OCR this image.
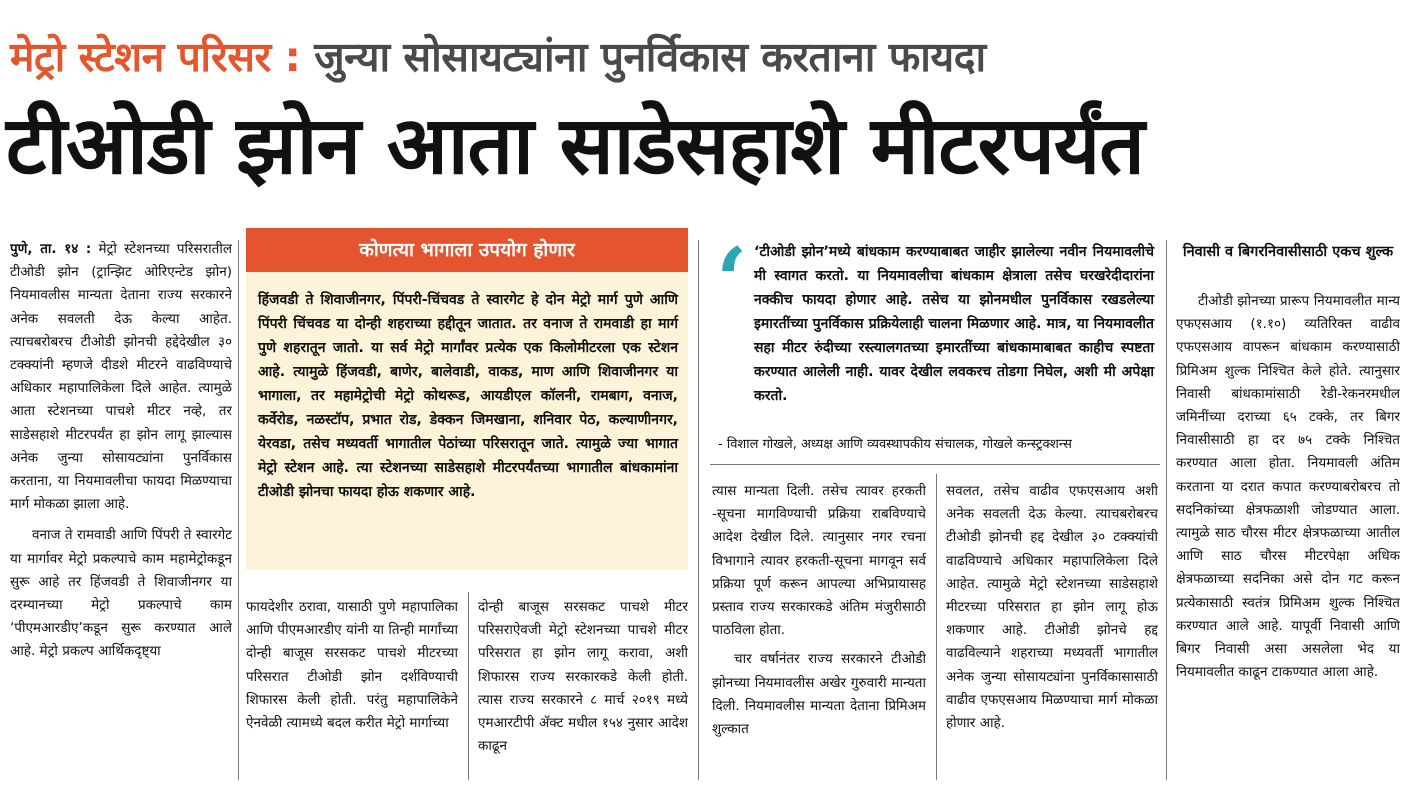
मेट्रो स्टेशन परिसर : जुन्या सोसायट्यांना पुनर्विकास करताना फायदा
टीओडी झोन आता साडेसहाशे मीटरपर्यंत

पुणे, ता. १४ : मेट्रो स्टेशनच्या परिसरातील टीओडी झोन (ट्रान्झिट ओरिएन्टेड झोन) नियमावलीस मान्यता देताना राज्य सरकारने अनेक सवलती देऊ केल्या आहेत. त्याचबरोबरच टीओडी झोनची हद्देदेखील ३० टक्क्यांनी म्हणजे दीडशे मीटरने वाढविण्याचे अधिकार महापालिकेला दिले आहेत. त्यामुळे आता स्टेशनच्या पाचशे मीटर नव्हे, तर साडेसहाशे मीटरपर्यंत हा झोन लागू झाल्यास अनेक जुन्या सोसायट्यांना पुनर्विकास करताना, या नियमावलीचा फायदा मिळण्याचा मार्ग मोकळा झाला आहे.

वनाज ते रामवाडी आणि पिंपरी ते स्वारगेट या मार्गावर मेट्रो प्रकल्पाचे काम महामेट्रोकडून सुरू आहे तर हिंजवडी ते शिवाजीनगर या दरम्यानच्या मेट्रो प्रकल्पाचे काम ‘पीएमआरडीए’कडून सुरू करण्यात आले आहे. मेट्रो प्रकल्प आर्थिकदृष्ट्या

कोणत्या भागाला उपयोग होणार
हिंजवडी ते शिवाजीनगर, पिंपरी-चिंचवड ते स्वारगेट हे दोन मेट्रो मार्ग पुणे आणि पिंपरी चिंचवड या दोन्ही शहराच्या हद्दीतून जातात. तर वनाज ते रामवाडी हा मार्ग पुणे शहरातून जातो. या सर्व मेट्रो मार्गांवर प्रत्येक एक किलोमीटरला एक स्टेशन आहे. त्यामुळे हिंजवडी, बाणेर, बालेवाडी, वाकड, माण आणि शिवाजीनगर या भागाला, तर महामेट्रोची मेट्रो कोथरूड, आयडीएल कॉलनी, रामबाग, वनाज, कर्वेरोड, नळस्टॉप, प्रभात रोड, डेक्कन जिमखाना, शनिवार पेठ, कल्याणीनगर, येरवडा, तसेच मध्यवर्ती भागातील पेठांच्या परिसरातून जाते. त्यामुळे ज्या भागात मेट्रो स्टेशन आहे. त्या स्टेशनच्या साडेसहाशे मीटरपर्यंतच्या भागातील बांधकामांना टीओडी झोनचा फायदा होऊ शकणार आहे.

फायदेशीर ठरावा, यासाठी पुणे महापालिका आणि पीएमआरडीए यांनी या तिन्ही मार्गांच्या दोन्ही बाजूस सरसकट पाचशे मीटरच्या परिसरात टीओडी झोन दर्शविण्याची शिफारस केली होती. परंतु महापालिकेने ऐनवेळी त्यामध्ये बदल करीत मेट्रो मार्गाच्या

दोन्ही बाजूस सरसकट पाचशे मीटर परिसराऐवजी मेट्रो स्टेशनच्या पाचशे मीटर परिसरात हा झोन लागू करावा, अशी शिफारस राज्य सरकारकडे केली होती. त्यास राज्य सरकारने ८ मार्च २०१९ मध्ये एमआरटीपी ॲक्ट मधील १५४ नुसार आदेश काढून

‘ ‘टीओडी झोन’मध्ये बांधकाम करण्याबाबत जाहीर झालेल्या नवीन नियमावलीचे मी स्वागत करतो. या नियमावलीचा बांधकाम क्षेत्राला तसेच घरखरेदीदारांना नक्कीच फायदा होणार आहे. तसेच या झोनमधील पुनर्विकास रखडलेल्या इमारतींच्या पुनर्विकास प्रक्रियेलाही चालना मिळणार आहे. मात्र, या नियमावलीत सहा मीटर रुंदीच्या रस्त्यालगतच्या इमारतींच्या बांधकामाबाबत काहीच स्पष्टता करण्यात आलेली नाही. यावर देखील लवकरच तोडगा निघेल, अशी मी अपेक्षा करतो.
- विशाल गोखले, अध्यक्ष आणि व्यवस्थापकीय संचालक, गोखले कन्स्ट्रक्शन्स

त्यास मान्यता दिली. तसेच त्यावर हरकती -सूचना मागविण्याची प्रक्रिया राबविण्याचे आदेश देखील दिले. त्यानुसार नगर रचना विभागाने त्यावर हरकती-सूचना मागवून सर्व प्रक्रिया पूर्ण करून आपल्या अभिप्रायासह प्रस्ताव राज्य सरकारकडे अंतिम मंजुरीसाठी पाठविला होता.

चार वर्षानंतर राज्य सरकारने टीओडी झोनच्या नियमावलीस अखेर गुरुवारी मान्यता दिली. नियमावलीस मान्यता देताना प्रिमिअम शुल्कात

सवलत, तसेच वाढीव एफएसआय अशी अनेक सवलती देऊ केल्या. त्याचबरोबरच टीओडी झोनची हद्द देखील ३० टक्क्यांची वाढविण्याचे अधिकार महापालिकेला दिले आहेत. त्यामुळे मेट्रो स्टेशनच्या साडेसहाशे मीटरच्या परिसरात हा झोन लागू होऊ शकणार आहे. टीओडी झोनचे हद्द वाढविल्याने शहराच्या मध्यवर्ती भागातील अनेक जुन्या सोसायट्यांना पुनर्विकासासाठी वाढीव एफएसआय मिळण्याचा मार्ग मोकळा होणार आहे.

निवासी व बिगरनिवासीसाठी एकच शुल्क

टीओडी झोनच्या प्रारूप नियमावलीत मान्य एफएसआय (१.१०) व्यतिरिक्त वाढीव एफएसआय वापरून बांधकाम करण्यासाठी प्रिमिअम शुल्क निश्‍चित केले होते. त्यानुसार निवासी बांधकामांसाठी रेडी-रेकनरमधील जमिनींच्या दराच्या ६५ टक्के, तर बिगर निवासीसाठी हा दर ७५ टक्के निश्‍चित करण्यात आला होता. नियमावली अंतिम करताना या दरात कपात करण्याबरोबरच तो सदनिकांच्या क्षेत्रफळाशी जोडण्यात आला. त्यामुळे साठ चौरस मीटर क्षेत्रफळाच्या आतील आणि साठ चौरस मीटरपेक्षा अधिक क्षेत्रफळाच्या सदनिका असे दोन गट करून प्रत्येकासाठी स्वतंत्र प्रिमिअम शुल्क निश्‍चित करण्यात आले आहे. यापूर्वी निवासी आणि बिगर निवासी असा असलेला भेद या नियमावलीत काढून टाकण्यात आला आहे.
